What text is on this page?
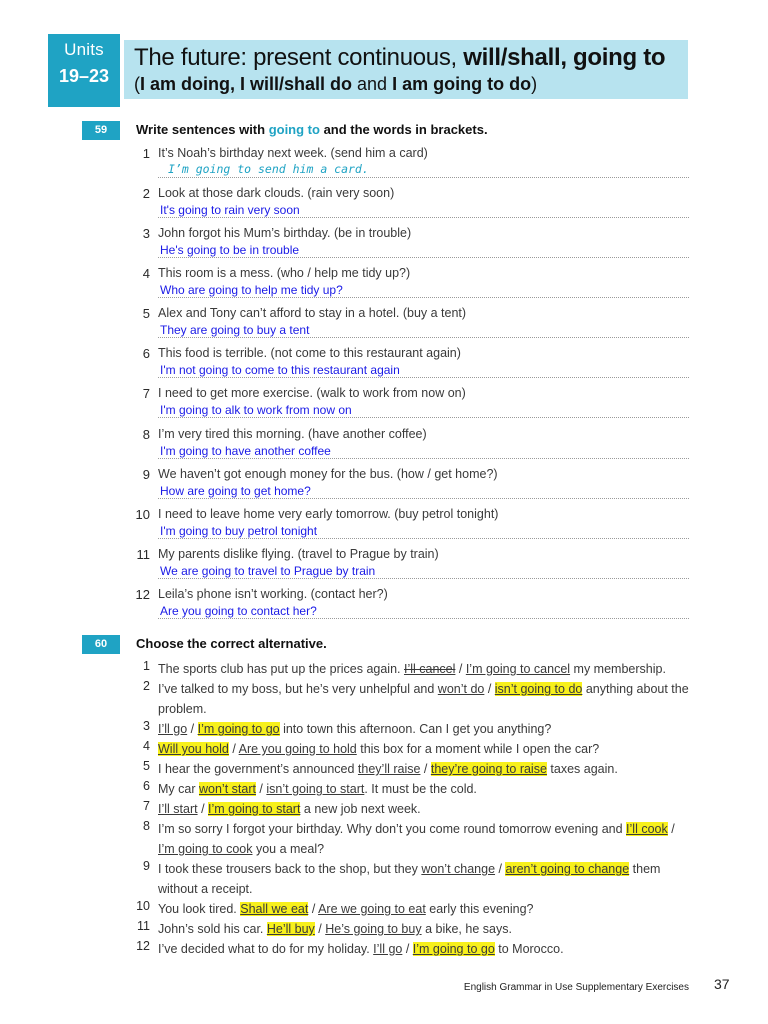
Units
19–23
The future: present continuous, will/shall, going to
(I am doing, I will/shall do and I am going to do)
59	Write sentences with going to and the words in brackets.
1 It’s Noah’s birthday next week. (send him a card)
I’m going to send him a card.
2 Look at those dark clouds. (rain very soon)
It's going to rain very soon
3 John forgot his Mum’s birthday. (be in trouble)
He's going to be in trouble
4 This room is a mess. (who / help me tidy up?)
Who are going to help me tidy up?
5 Alex and Tony can’t afford to stay in a hotel. (buy a tent)
They are going to buy a tent
6 This food is terrible. (not come to this restaurant again)
I'm not going to come to this restaurant again
7 I need to get more exercise. (walk to work from now on)
I'm going to alk to work from now on
8 I’m very tired this morning. (have another coffee)
I'm going to have another coffee
9 We haven’t got enough money for the bus. (how / get home?)
How are going to get home?
10 I need to leave home very early tomorrow. (buy petrol tonight)
I'm going to buy petrol tonight
11 My parents dislike flying. (travel to Prague by train)
We are going to travel to Prague by train
12 Leila’s phone isn’t working. (contact her?)
Are you going to contact her?
60	Choose the correct alternative.
1 The sports club has put up the prices again. I’ll cancel / I’m going to cancel my membership.
2 I’ve talked to my boss, but he’s very unhelpful and won’t do / isn’t going to do anything about the problem.
3 I’ll go / I’m going to go into town this afternoon. Can I get you anything?
4 Will you hold / Are you going to hold this box for a moment while I open the car?
5 I hear the government’s announced they’ll raise / they’re going to raise taxes again.
6 My car won’t start / isn’t going to start. It must be the cold.
7 I’ll start / I’m going to start a new job next week.
8 I’m so sorry I forgot your birthday. Why don’t you come round tomorrow evening and I’ll cook / I’m going to cook you a meal?
9 I took these trousers back to the shop, but they won’t change / aren’t going to change them without a receipt.
10 You look tired. Shall we eat / Are we going to eat early this evening?
11 John’s sold his car. He’ll buy / He’s going to buy a bike, he says.
12 I’ve decided what to do for my holiday. I’ll go / I’m going to go to Morocco.
English Grammar in Use Supplementary Exercises 37
